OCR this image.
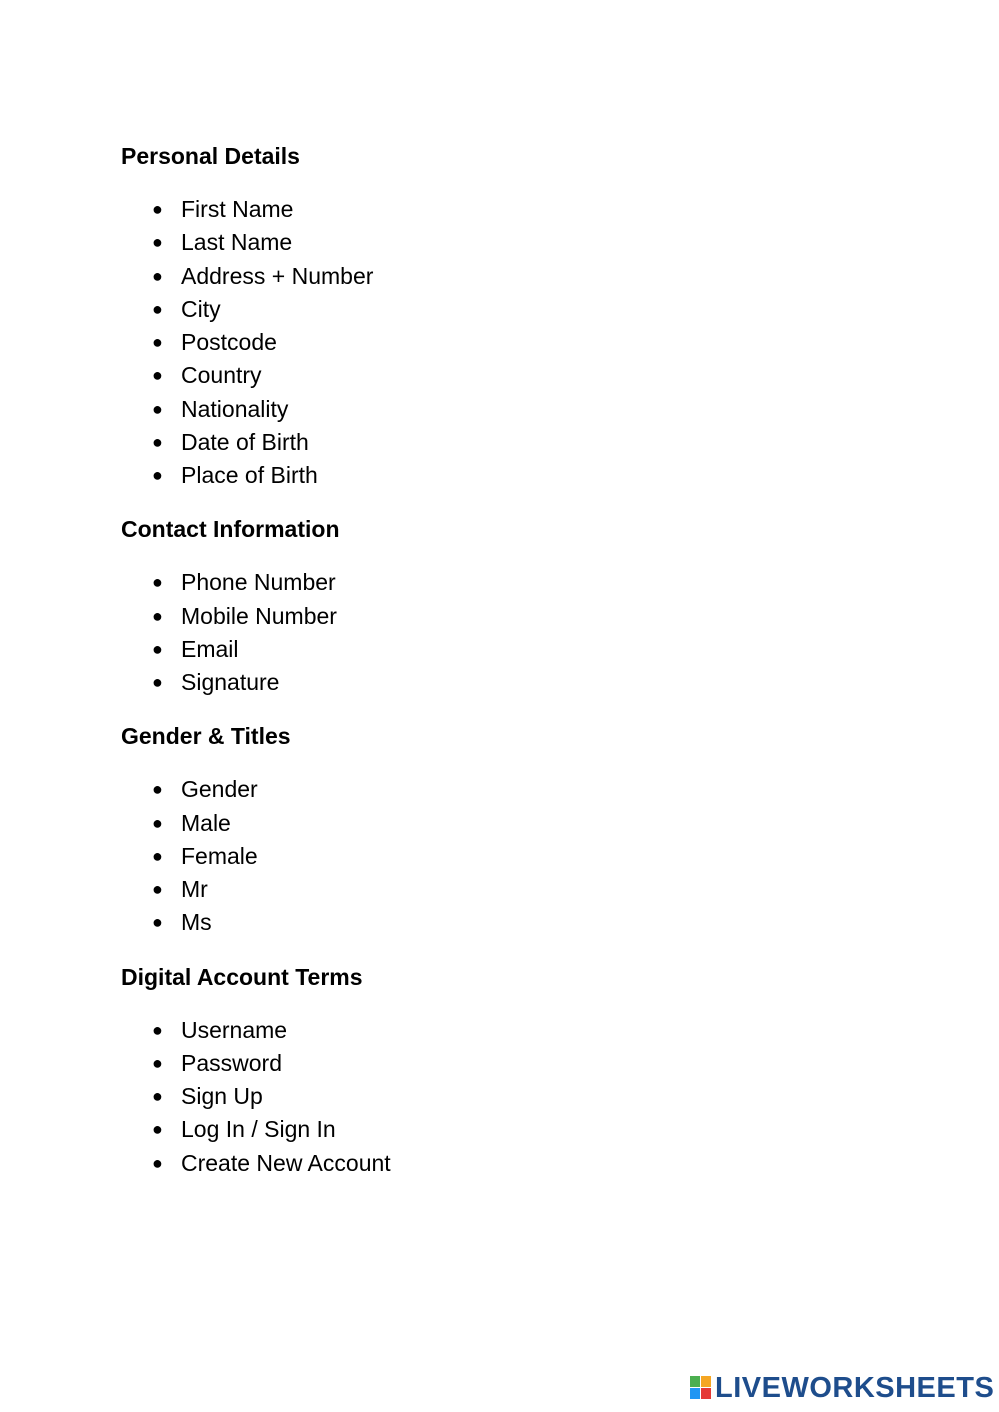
Personal Details
● First Name
● Last Name
● Address + Number
● City
● Postcode
● Country
● Nationality
● Date of Birth
● Place of Birth
Contact Information
● Phone Number
● Mobile Number
● Email
● Signature
Gender & Titles
● Gender
● Male
● Female
● Mr
● Ms
Digital Account Terms
● Username
● Password
● Sign Up
● Log In / Sign In
● Create New Account
LIVEWORKSHEETS
